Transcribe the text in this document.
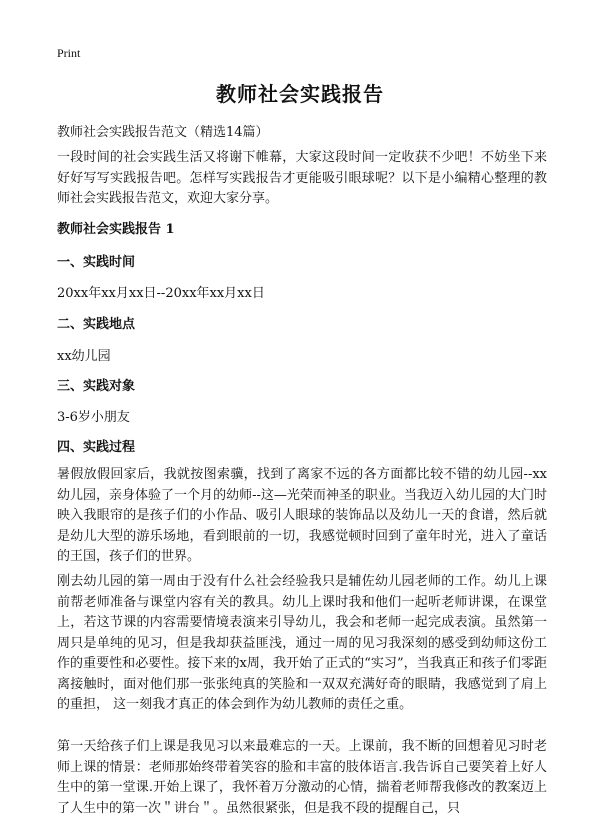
Print
教师社会实践报告
教师社会实践报告范文（精选14篇）

一段时间的社会实践生活又将谢下帷幕，大家这段时间一定收获不少吧！不妨坐下来好好写写实践报告吧。怎样写实践报告才更能吸引眼球呢？以下是小编精心整理的教师社会实践报告范文，欢迎大家分享。

教师社会实践报告 1
一、实践时间
20xx年xx月xx日--20xx年xx月xx日
二、实践地点
xx幼儿园
三、实践对象
3-6岁小朋友
四、实践过程

暑假放假回家后，我就按图索骥，找到了离家不远的各方面都比较不错的幼儿园--xx幼儿园，亲身体验了一个月的幼师--这—光荣而神圣的职业。当我迈入幼儿园的大门时映入我眼帘的是孩子们的小作品、吸引人眼球的装饰品以及幼儿一天的食谱，然后就是幼儿大型的游乐场地，看到眼前的一切，我感觉顿时回到了童年时光，进入了童话的王国，孩子们的世界。

刚去幼儿园的第一周由于没有什么社会经验我只是辅佐幼儿园老师的工作。幼儿上课前帮老师准备与课堂内容有关的教具。幼儿上课时我和他们一起听老师讲课，在课堂上，若这节课的内容需要情境表演来引导幼儿，我会和老师一起完成表演。虽然第一周只是单纯的见习，但是我却获益匪浅，通过一周的见习我深刻的感受到幼师这份工作的重要性和必要性。接下来的x周，我开始了正式的“实习”，当我真正和孩子们零距离接触时，面对他们那一张张纯真的笑脸和一双双充满好奇的眼睛，我感觉到了肩上的重担， 这一刻我才真正的体会到作为幼儿教师的责任之重。

第一天给孩子们上课是我见习以来最难忘的一天。上课前，我不断的回想着见习时老师上课的情景：老师那始终带着笑容的脸和丰富的肢体语言.我告诉自己要笑着上好人生中的第一堂课.开始上课了，我怀着万分激动的心情，揣着老师帮我修改的教案迈上了人生中的第一次＂讲台＂。虽然很紧张，但是我不段的提醒自己，只
